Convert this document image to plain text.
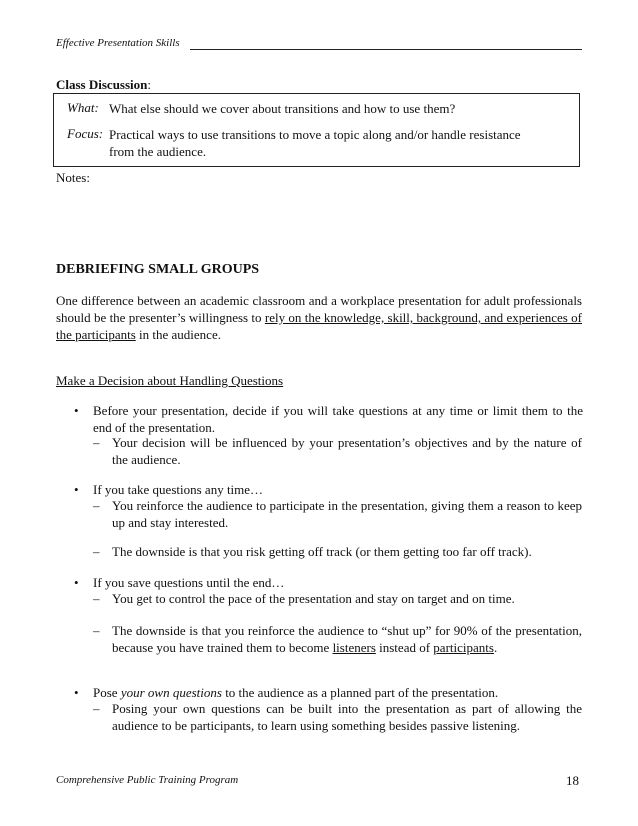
Effective Presentation Skills
Class Discussion:
What: What else should we cover about transitions and how to use them?
Focus: Practical ways to use transitions to move a topic along and/or handle resistance
from the audience.
Notes:
DEBRIEFING SMALL GROUPS
One difference between an academic classroom and a workplace presentation for adult professionals should be the presenter’s willingness to rely on the knowledge, skill, background, and experiences of the participants in the audience.
Make a Decision about Handling Questions
• Before your presentation, decide if you will take questions at any time or limit them to the end of the presentation.
– Your decision will be influenced by your presentation’s objectives and by the nature of the audience.
• If you take questions any time…
– You reinforce the audience to participate in the presentation, giving them a reason to keep up and stay interested.
– The downside is that you risk getting off track (or them getting too far off track).
• If you save questions until the end…
– You get to control the pace of the presentation and stay on target and on time.
– The downside is that you reinforce the audience to “shut up” for 90% of the presentation, because you have trained them to become listeners instead of participants.
• Pose your own questions to the audience as a planned part of the presentation.
– Posing your own questions can be built into the presentation as part of allowing the audience to be participants, to learn using something besides passive listening.
Comprehensive Public Training Program	18
